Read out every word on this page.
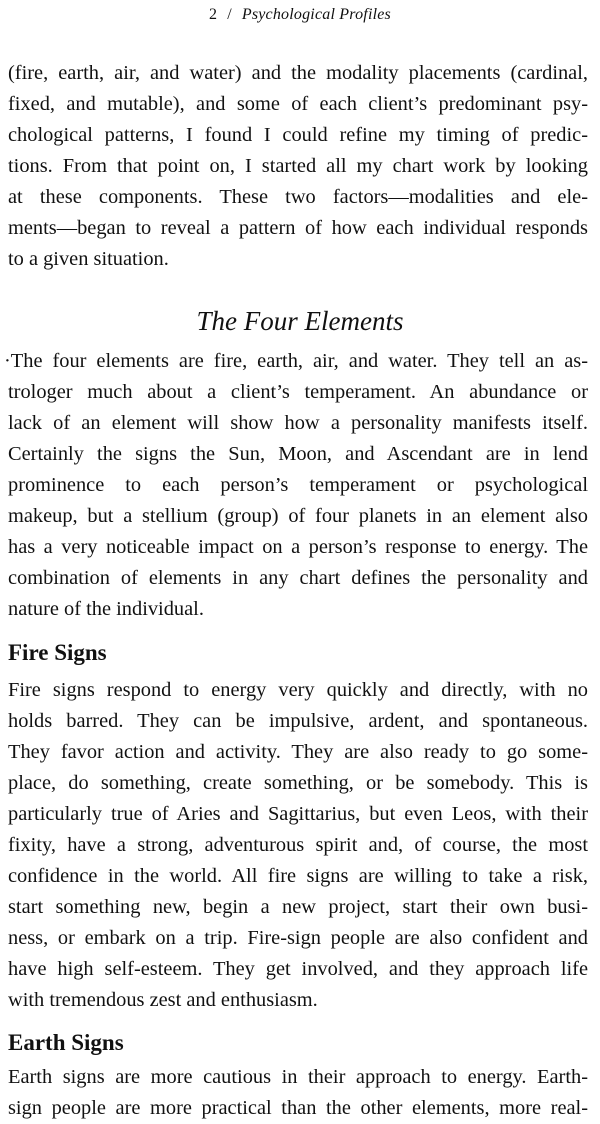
2 / Psychological Profiles
(fire, earth, air, and water) and the modality placements (cardinal,
fixed, and mutable), and some of each client’s predominant psy-
chological patterns, I found I could refine my timing of predic-
tions. From that point on, I started all my chart work by looking
at these components. These two factors—modalities and ele-
ments—began to reveal a pattern of how each individual responds
to a given situation.
The Four Elements
·The four elements are fire, earth, air, and water. They tell an as-
trologer much about a client’s temperament. An abundance or
lack of an element will show how a personality manifests itself.
Certainly the signs the Sun, Moon, and Ascendant are in lend
prominence to each person’s temperament or psychological
makeup, but a stellium (group) of four planets in an element also
has a very noticeable impact on a person’s response to energy. The
combination of elements in any chart defines the personality and
nature of the individual.
Fire Signs
Fire signs respond to energy very quickly and directly, with no
holds barred. They can be impulsive, ardent, and spontaneous.
They favor action and activity. They are also ready to go some-
place, do something, create something, or be somebody. This is
particularly true of Aries and Sagittarius, but even Leos, with their
fixity, have a strong, adventurous spirit and, of course, the most
confidence in the world. All fire signs are willing to take a risk,
start something new, begin a new project, start their own busi-
ness, or embark on a trip. Fire-sign people are also confident and
have high self-esteem. They get involved, and they approach life
with tremendous zest and enthusiasm.
Earth Signs
Earth signs are more cautious in their approach to energy. Earth-
sign people are more practical than the other elements, more real-
